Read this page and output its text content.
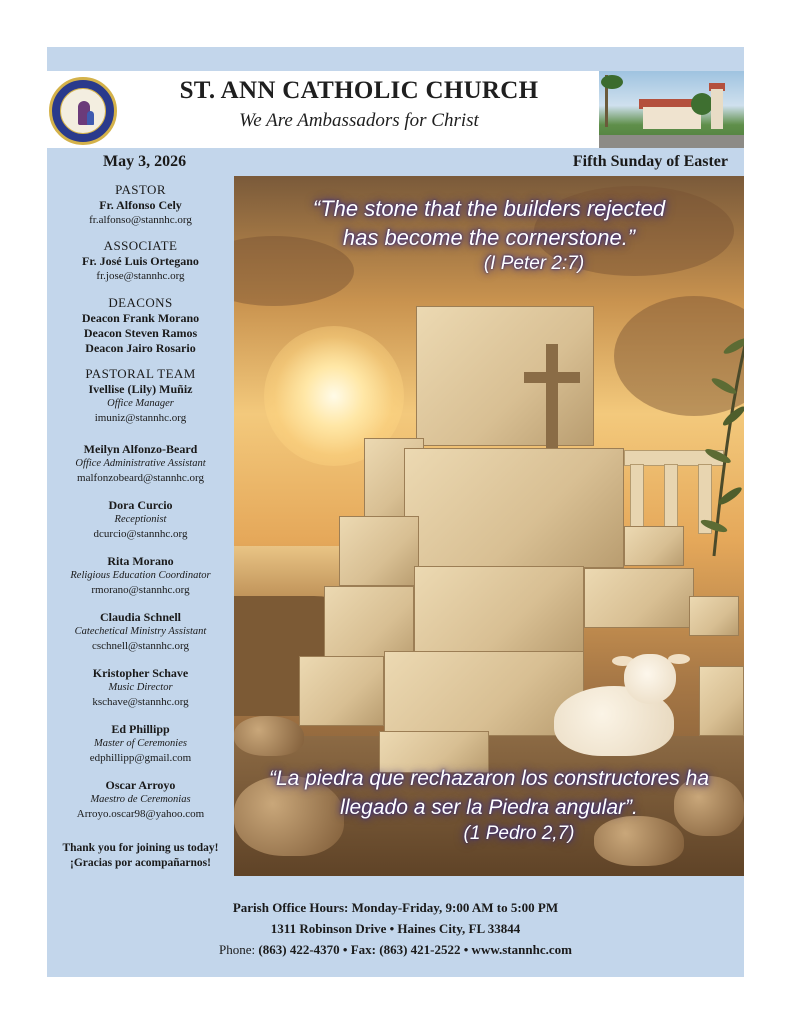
ST. ANN CATHOLIC CHURCH
We Are Ambassadors for Christ
May 3, 2026	Fifth Sunday of Easter
PASTOR
Fr. Alfonso Cely
fr.alfonso@stannhc.org
ASSOCIATE
Fr. José Luis Ortegano
fr.jose@stannhc.org
DEACONS
Deacon Frank Morano
Deacon Steven Ramos
Deacon Jairo Rosario
PASTORAL TEAM
Ivellise (Lily) Muñiz
Office Manager
imuniz@stannhc.org
Meilyn Alfonzo-Beard
Office Administrative Assistant
malfonzobeard@stannhc.org
Dora Curcio
Receptionist
dcurcio@stannhc.org
Rita Morano
Religious Education Coordinator
rmorano@stannhc.org
Claudia Schnell
Catechetical Ministry Assistant
cschnell@stannhc.org
Kristopher Schave
Music Director
kschave@stannhc.org
Ed Phillipp
Master of Ceremonies
edphillipp@gmail.com
Oscar Arroyo
Maestro de Ceremonias
Arroyo.oscar98@yahoo.com
Thank you for joining us today!
¡Gracias por acompañarnos!
“The stone that the builders rejected
has become the cornerstone.”
(I Peter 2:7)
“La piedra que rechazaron los constructores ha
llegado a ser la Piedra angular”.
(1 Pedro 2,7)
Parish Office Hours: Monday-Friday, 9:00 AM to 5:00 PM
1311 Robinson Drive • Haines City, FL 33844
Phone: (863) 422-4370 • Fax: (863) 421-2522 • www.stannhc.com
